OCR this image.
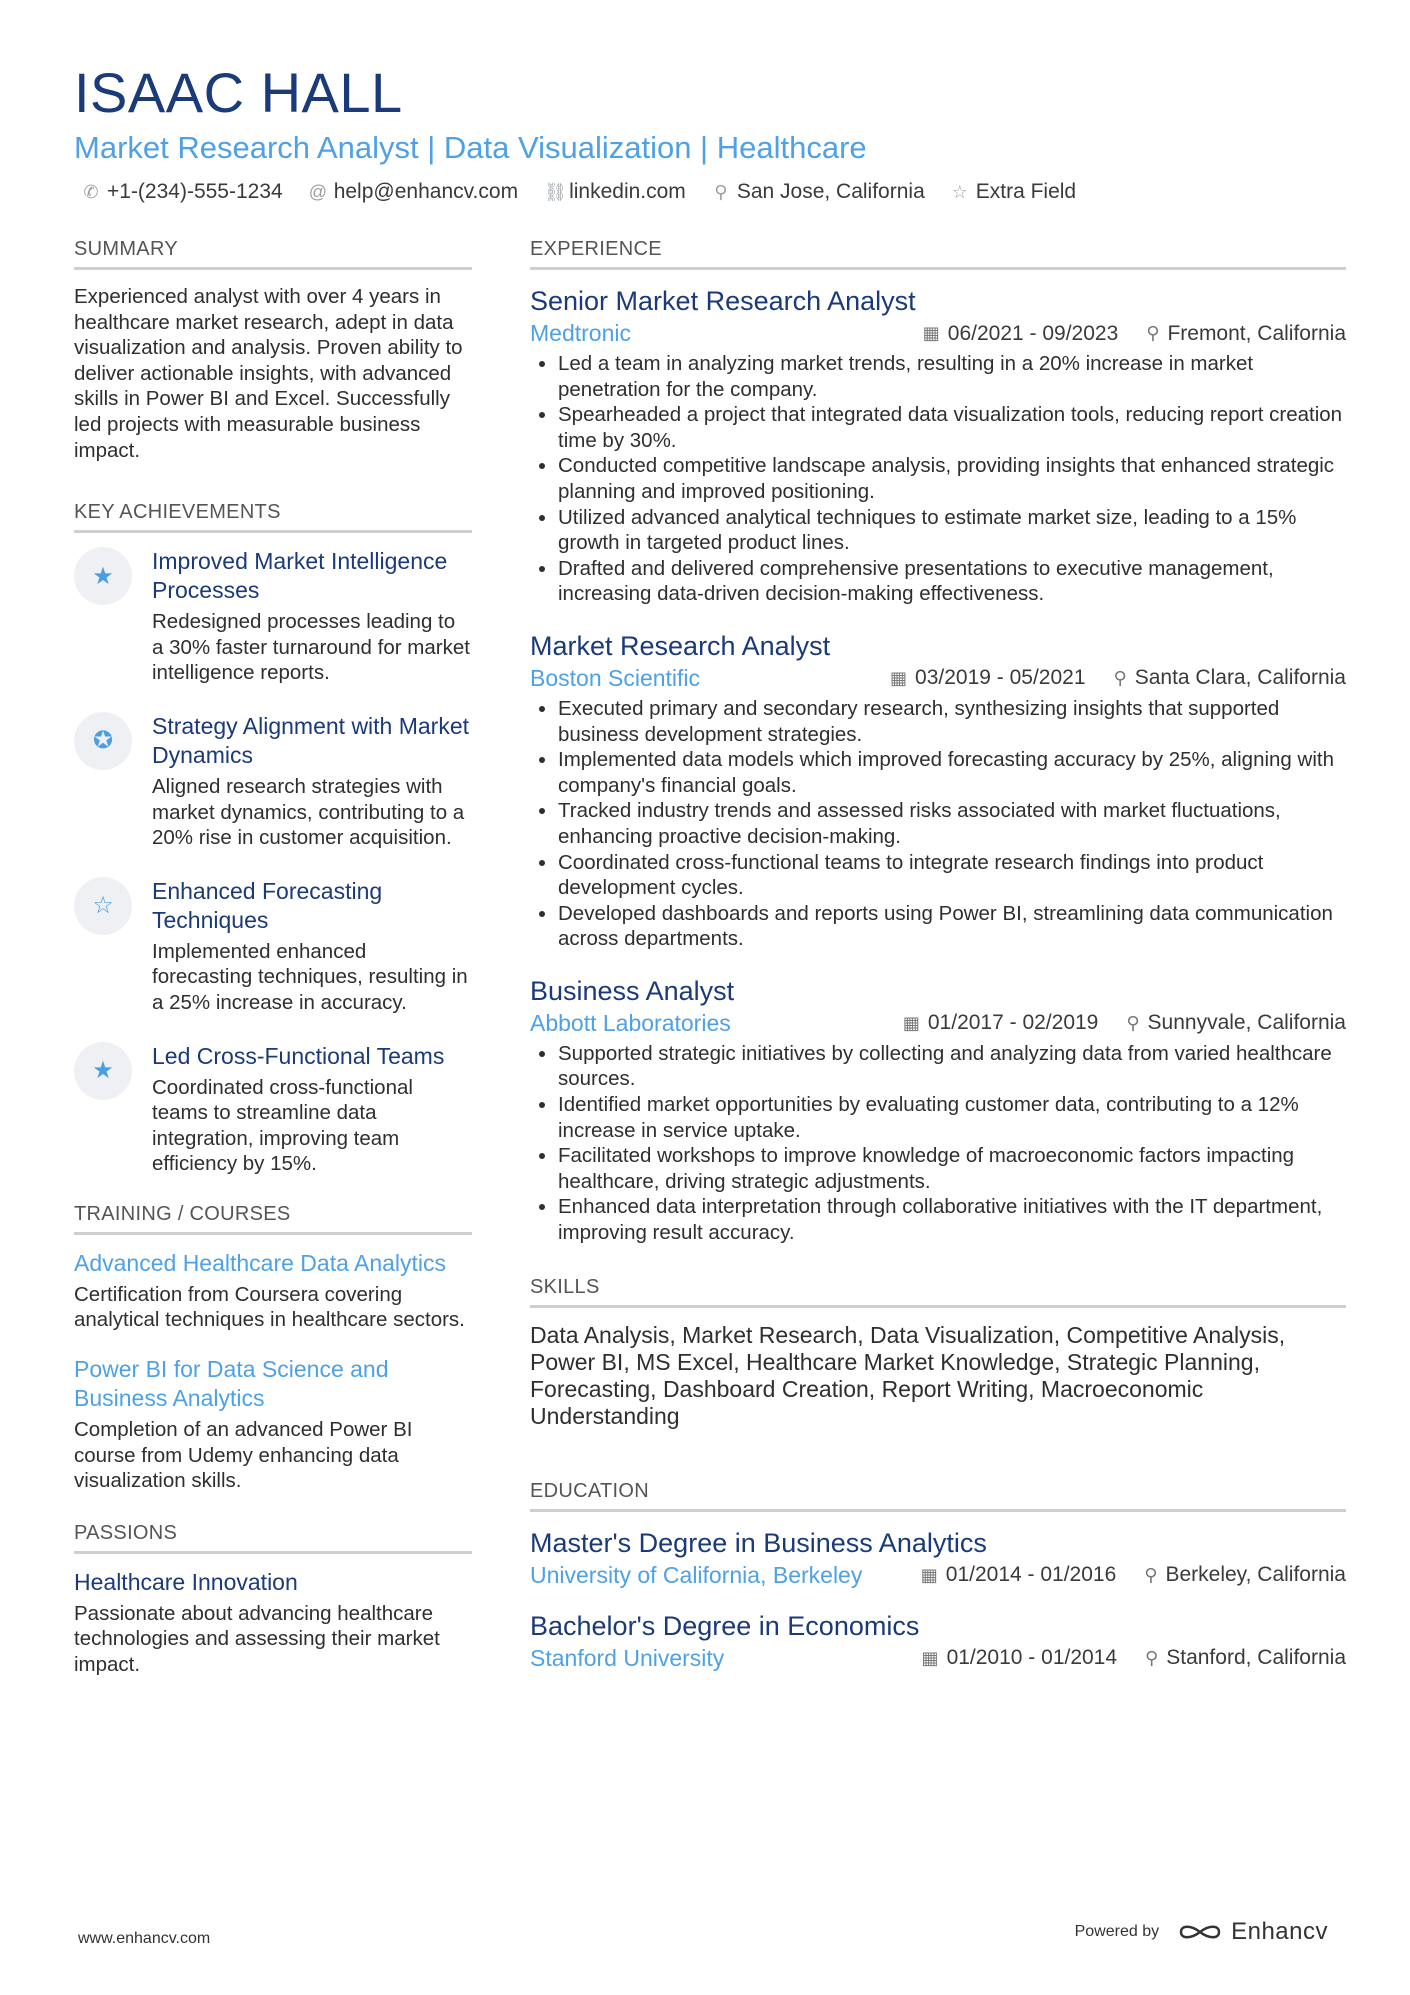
ISAAC HALL
Market Research Analyst | Data Visualization | Healthcare
✆ +1-(234)-555-1234 @ help@enhancv.com ⛓ linkedin.com ⚲ San Jose, California ☆ Extra Field
SUMMARY
Experienced analyst with over 4 years in healthcare market research, adept in data visualization and analysis. Proven ability to deliver actionable insights, with advanced skills in Power BI and Excel. Successfully led projects with measurable business impact.
KEY ACHIEVEMENTS
★
Improved Market Intelligence Processes
Redesigned processes leading to a 30% faster turnaround for market intelligence reports.
✪
Strategy Alignment with Market Dynamics
Aligned research strategies with market dynamics, contributing to a 20% rise in customer acquisition.
☆
Enhanced Forecasting Techniques
Implemented enhanced forecasting techniques, resulting in a 25% increase in accuracy.
★
Led Cross-Functional Teams
Coordinated cross-functional teams to streamline data integration, improving team efficiency by 15%.
TRAINING / COURSES
Advanced Healthcare Data Analytics
Certification from Coursera covering analytical techniques in healthcare sectors.
Power BI for Data Science and Business Analytics
Completion of an advanced Power BI course from Udemy enhancing data visualization skills.
PASSIONS
Healthcare Innovation
Passionate about advancing healthcare technologies and assessing their market impact.
EXPERIENCE
Senior Market Research Analyst
Medtronic	▦ 06/2021 - 09/2023 ⚲ Fremont, California
• Led a team in analyzing market trends, resulting in a 20% increase in market penetration for the company.
• Spearheaded a project that integrated data visualization tools, reducing report creation time by 30%.
• Conducted competitive landscape analysis, providing insights that enhanced strategic planning and improved positioning.
• Utilized advanced analytical techniques to estimate market size, leading to a 15% growth in targeted product lines.
• Drafted and delivered comprehensive presentations to executive management, increasing data-driven decision-making effectiveness.
Market Research Analyst
Boston Scientific	▦ 03/2019 - 05/2021 ⚲ Santa Clara, California
• Executed primary and secondary research, synthesizing insights that supported business development strategies.
• Implemented data models which improved forecasting accuracy by 25%, aligning with company's financial goals.
• Tracked industry trends and assessed risks associated with market fluctuations, enhancing proactive decision-making.
• Coordinated cross-functional teams to integrate research findings into product development cycles.
• Developed dashboards and reports using Power BI, streamlining data communication across departments.
Business Analyst
Abbott Laboratories	▦ 01/2017 - 02/2019 ⚲ Sunnyvale, California
• Supported strategic initiatives by collecting and analyzing data from varied healthcare sources.
• Identified market opportunities by evaluating customer data, contributing to a 12% increase in service uptake.
• Facilitated workshops to improve knowledge of macroeconomic factors impacting healthcare, driving strategic adjustments.
• Enhanced data interpretation through collaborative initiatives with the IT department, improving result accuracy.
SKILLS
Data Analysis, Market Research, Data Visualization, Competitive Analysis, Power BI, MS Excel, Healthcare Market Knowledge, Strategic Planning, Forecasting, Dashboard Creation, Report Writing, Macroeconomic Understanding
EDUCATION
Master's Degree in Business Analytics
University of California, Berkeley	▦ 01/2014 - 01/2016 ⚲ Berkeley, California
Bachelor's Degree in Economics
Stanford University	▦ 01/2010 - 01/2014 ⚲ Stanford, California
www.enhancv.com	Powered by	Enhancv
